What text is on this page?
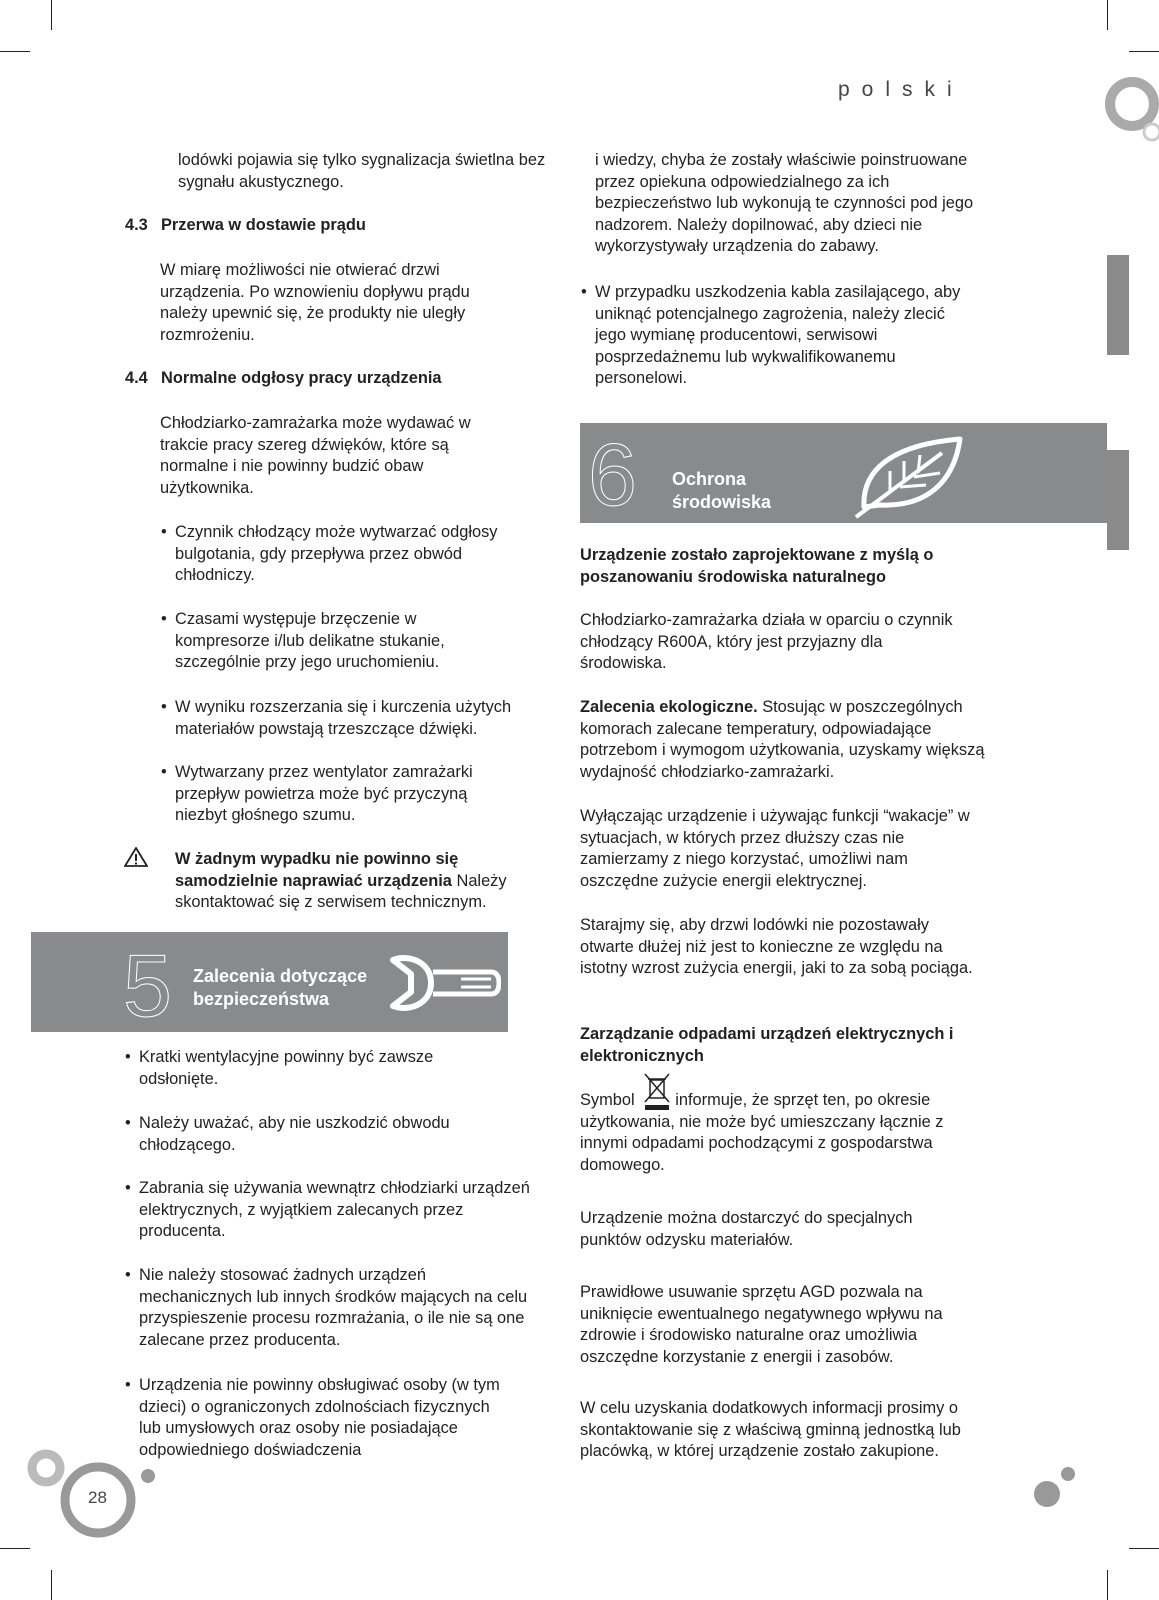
polski

lodówki pojawia się tylko sygnalizacja świetlna bez sygnału akustycznego.

4.3 Przerwa w dostawie prądu

W miarę możliwości nie otwierać drzwi urządzenia. Po wznowieniu dopływu prądu należy upewnić się, że produkty nie uległy rozmrożeniu.

4.4 Normalne odgłosy pracy urządzenia

Chłodziarko-zamrażarka może wydawać w trakcie pracy szereg dźwięków, które są normalne i nie powinny budzić obaw użytkownika.

• Czynnik chłodzący może wytwarzać odgłosy bulgotania, gdy przepływa przez obwód chłodniczy.
• Czasami występuje brzęczenie w kompresorze i/lub delikatne stukanie, szczególnie przy jego uruchomieniu.
• W wyniku rozszerzania się i kurczenia użytych materiałów powstają trzeszczące dźwięki.
• Wytwarzany przez wentylator zamrażarki przepływ powietrza może być przyczyną niezbyt głośnego szumu.

W żadnym wypadku nie powinno się samodzielnie naprawiać urządzenia Należy skontaktować się z serwisem technicznym.

5 Zalecenia dotyczące
bezpieczeństwa
• Kratki wentylacyjne powinny być zawsze odsłonięte.
• Należy uważać, aby nie uszkodzić obwodu chłodzącego.
• Zabrania się używania wewnątrz chłodziarki urządzeń elektrycznych, z wyjątkiem zalecanych przez producenta.
• Nie należy stosować żadnych urządzeń mechanicznych lub innych środków mających na celu przyspieszenie procesu rozmrażania, o ile nie są one zalecane przez producenta.
• Urządzenia nie powinny obsługiwać osoby (w tym dzieci) o ograniczonych zdolnościach fizycznych lub umysłowych oraz osoby nie posiadające odpowiedniego doświadczenia
28

i wiedzy, chyba że zostały właściwie poinstruowane przez opiekuna odpowiedzialnego za ich bezpieczeństwo lub wykonują te czynności pod jego nadzorem. Należy dopilnować, aby dzieci nie wykorzystywały urządzenia do zabawy.

• W przypadku uszkodzenia kabla zasilającego, aby uniknąć potencjalnego zagrożenia, należy zlecić jego wymianę producentowi, serwisowi posprzedażnemu lub wykwalifikowanemu personelowi.
6 Ochrona
środowiska
Urządzenie zostało zaprojektowane z myślą o poszanowaniu środowiska naturalnego

Chłodziarko-zamrażarka działa w oparciu o czynnik chłodzący R600A, który jest przyjazny dla środowiska.

Zalecenia ekologiczne. Stosując w poszczególnych komorach zalecane temperatury, odpowiadające potrzebom i wymogom użytkowania, uzyskamy większą wydajność chłodziarko-zamrażarki.

Wyłączając urządzenie i używając funkcji “wakacje” w sytuacjach, w których przez dłuższy czas nie zamierzamy z niego korzystać, umożliwi nam oszczędne zużycie energii elektrycznej.

Starajmy się, aby drzwi lodówki nie pozostawały otwarte dłużej niż jest to konieczne ze względu na istotny wzrost zużycia energii, jaki to za sobą pociąga.

Zarządzanie odpadami urządzeń elektrycznych i elektronicznych

Symbol informuje, że sprzęt ten, po okresie użytkowania, nie może być umieszczany łącznie z innymi odpadami pochodzącymi z gospodarstwa domowego.

Urządzenie można dostarczyć do specjalnych punktów odzysku materiałów.

Prawidłowe usuwanie sprzętu AGD pozwala na uniknięcie ewentualnego negatywnego wpływu na zdrowie i środowisko naturalne oraz umożliwia oszczędne korzystanie z energii i zasobów.

W celu uzyskania dodatkowych informacji prosimy o skontaktowanie się z właściwą gminną jednostką lub placówką, w której urządzenie zostało zakupione.
